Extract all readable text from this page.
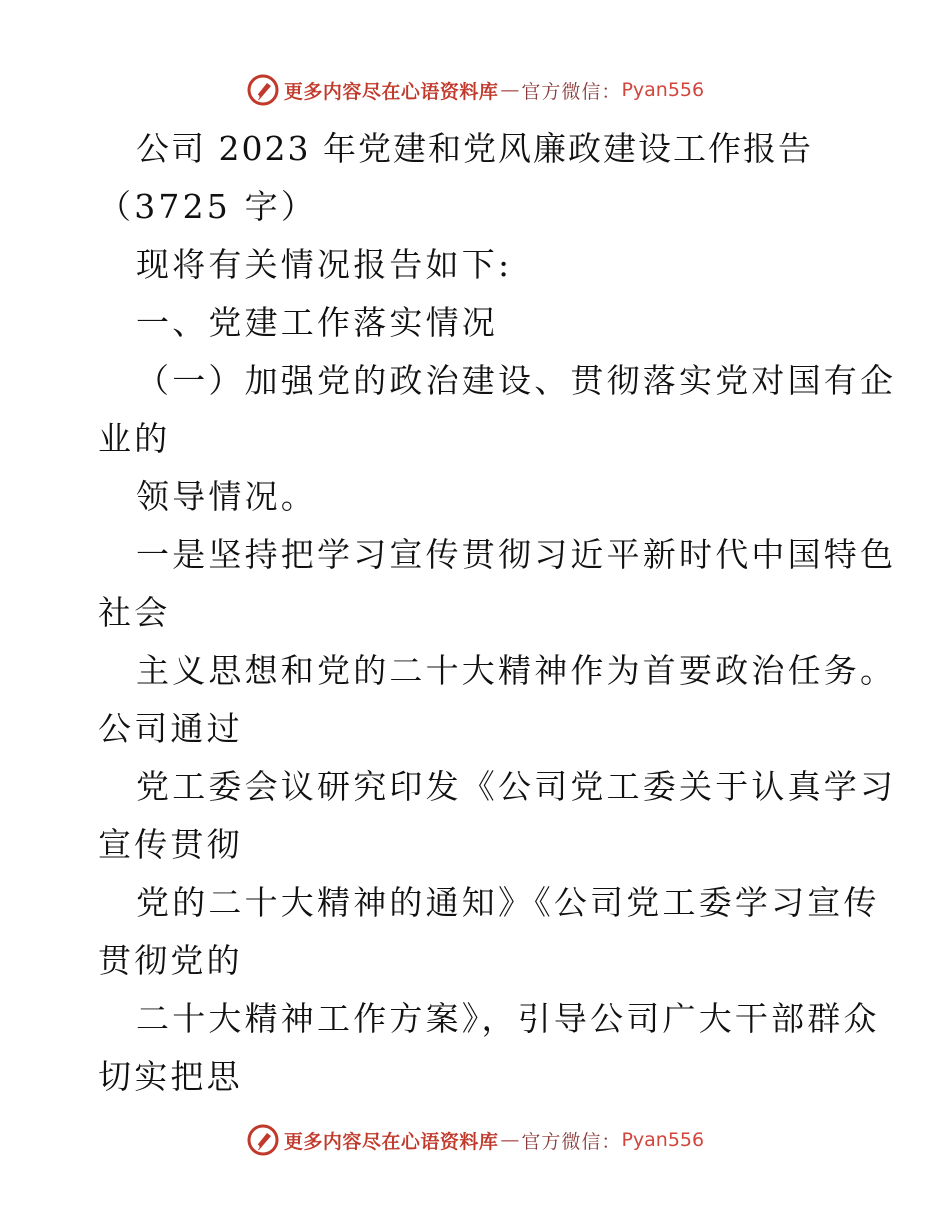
更多内容尽在心语资料库 — 官方微信： Pyan556
公司 2023 年党建和党风廉政建设工作报告
（3725 字）
现将有关情况报告如下:
一、党建工作落实情况
（一）加强党的政治建设、贯彻落实党对国有企
业的
领导情况。
一是坚持把学习宣传贯彻习近平新时代中国特色
社会
主义思想和党的二十大精神作为首要政治任务。
公司通过
党工委会议研究印发《公司党工委关于认真学习
宣传贯彻
党的二十大精神的通知》《公司党工委学习宣传
贯彻党的
二十大精神工作方案》，引导公司广大干部群众
切实把思
更多内容尽在心语资料库 — 官方微信： Pyan556
